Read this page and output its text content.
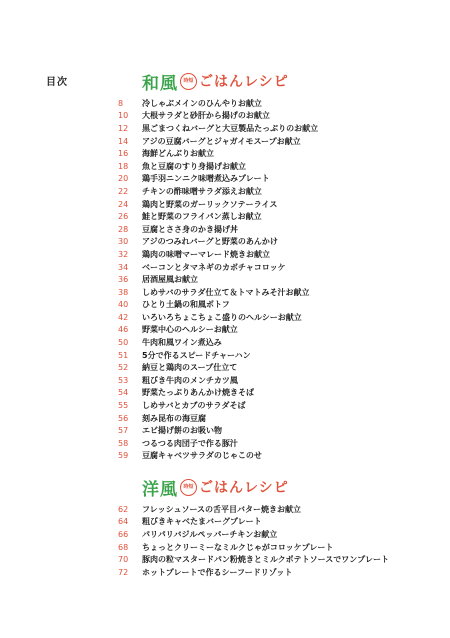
目次	和風 時短 ごはんレシピ
8	冷しゃぶメインのひんやりお献立
10	大根サラダと砂肝から揚げのお献立
12	黒ごまつくねバーグと大豆製品たっぷりのお献立
14	アジの豆腐バーグとジャガイモスープお献立
16	海鮮どんぶりお献立
18	魚と豆腐のすり身揚げお献立
20	鶏手羽ニンニク味噌煮込みプレート
22	チキンの酢味噌サラダ添えお献立
24	鶏肉と野菜のガーリックソテーライス
26	鮭と野菜のフライパン蒸しお献立
28	豆腐とささ身のかき揚げ丼
30	アジのつみれバーグと野菜のあんかけ
32	鶏肉の味噌マーマレード焼きお献立
34	ベーコンとタマネギのカボチャコロッケ
36	居酒屋風お献立
38	しめサバのサラダ仕立て＆トマトみそ汁お献立
40	ひとり土鍋の和風ポトフ
42	いろいろちょこちょこ盛りのヘルシーお献立
46	野菜中心のヘルシーお献立
50	牛肉和風ワイン煮込み
51	5分で作るスピードチャーハン
52	納豆と鶏肉のスープ仕立て
53	粗びき牛肉のメンチカツ風
54	野菜たっぷりあんかけ焼きそば
55	しめサバとカブのサラダそば
56	刻み昆布の海豆腐
57	エビ揚げ餅のお吸い物
58	つるつる肉団子で作る豚汁
59	豆腐キャベツサラダのじゃこのせ
洋風 時短 ごはんレシピ
62	フレッシュソースの舌平目バター焼きお献立
64	粗びきキャベたまバーグプレート
66	パリパリバジルペッパーチキンお献立
68	ちょっとクリーミーなミルクじゃがコロッケプレート
70	豚肉の粒マスタードパン粉焼きとミルクポテトソースでワンプレート
72	ホットプレートで作るシーフードリゾット
